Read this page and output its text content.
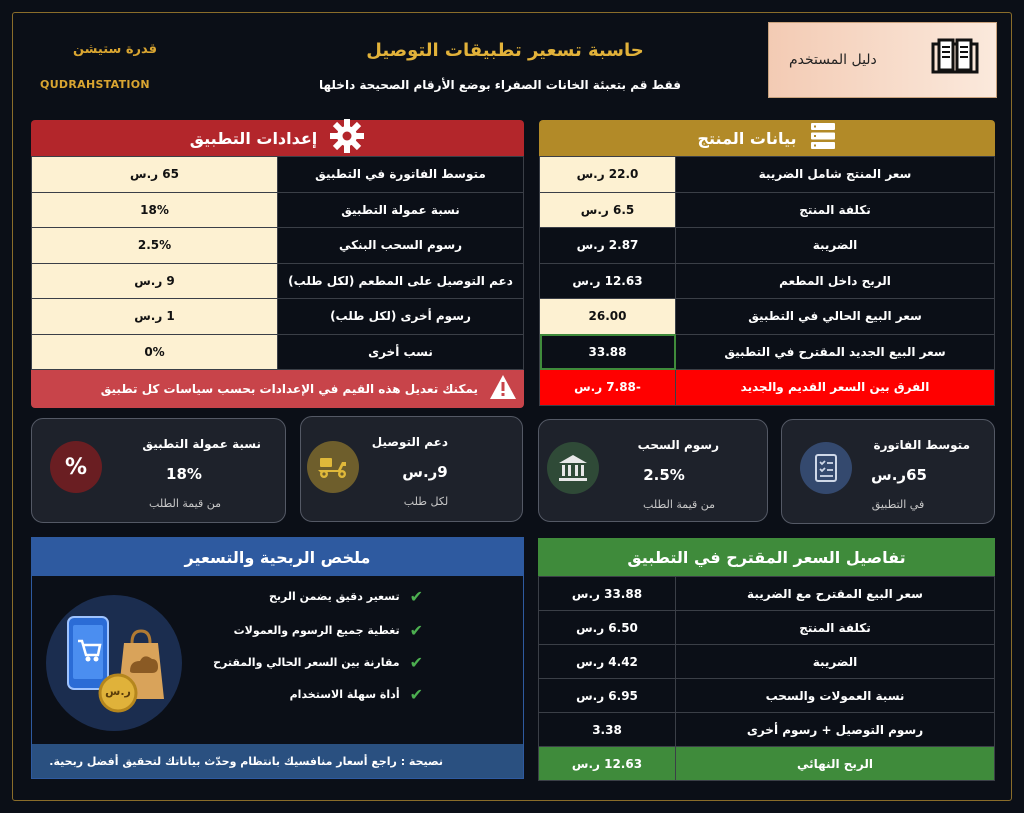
قدرة ستيشن
QUDRAHSTATION
حاسبة تسعير تطبيقات التوصيل
فقط قم بتعبئة الخانات الصفراء بوضع الأرقام الصحيحة داخلها
دليل المستخدم
إعدادات التطبيق
65 ر.س	متوسط الفاتورة في التطبيق
18%	نسبة عمولة التطبيق
2.5%	رسوم السحب البنكي
9 ر.س	دعم التوصيل على المطعم (لكل طلب)
1 ر.س	رسوم أخرى (لكل طلب)
0%	نسب أخرى
يمكنك تعديل هذه القيم في الإعدادات بحسب سياسات كل تطبيق
بيانات المنتج
22.0 ر.س	سعر المنتج شامل الضريبة
6.5 ر.س	تكلفة المنتج
2.87 ر.س	الضريبة
12.63 ر.س	الربح داخل المطعم
26.00	سعر البيع الحالي في التطبيق
33.88	سعر البيع الجديد المقترح في التطبيق
-7.88 ر.س	الفرق بين السعر القديم والجديد
متوسط الفاتورة
65ر.س
في التطبيق
رسوم السحب
2.5%
من قيمة الطلب
دعم التوصيل
9ر.س
لكل طلب
نسبة عمولة التطبيق
18%
من قيمة الطلب
%
ملخص الربحية والتسعير
تسعير دقيق يضمن الربح ✔
تغطية جميع الرسوم والعمولات ✔
مقارنة بين السعر الحالي والمقترح ✔
أداة سهلة الاستخدام ✔
ر.س
نصيحة : راجع أسعار منافسيك بانتظام وحدّث بياناتك لتحقيق أفضل ربحية.
تفاصيل السعر المقترح في التطبيق
33.88 ر.س	سعر البيع المقترح مع الضريبة
6.50 ر.س	تكلفة المنتج
4.42 ر.س	الضريبة
6.95 ر.س	نسبة العمولات والسحب
3.38	رسوم التوصيل + رسوم أخرى
12.63 ر.س	الربح النهائي
